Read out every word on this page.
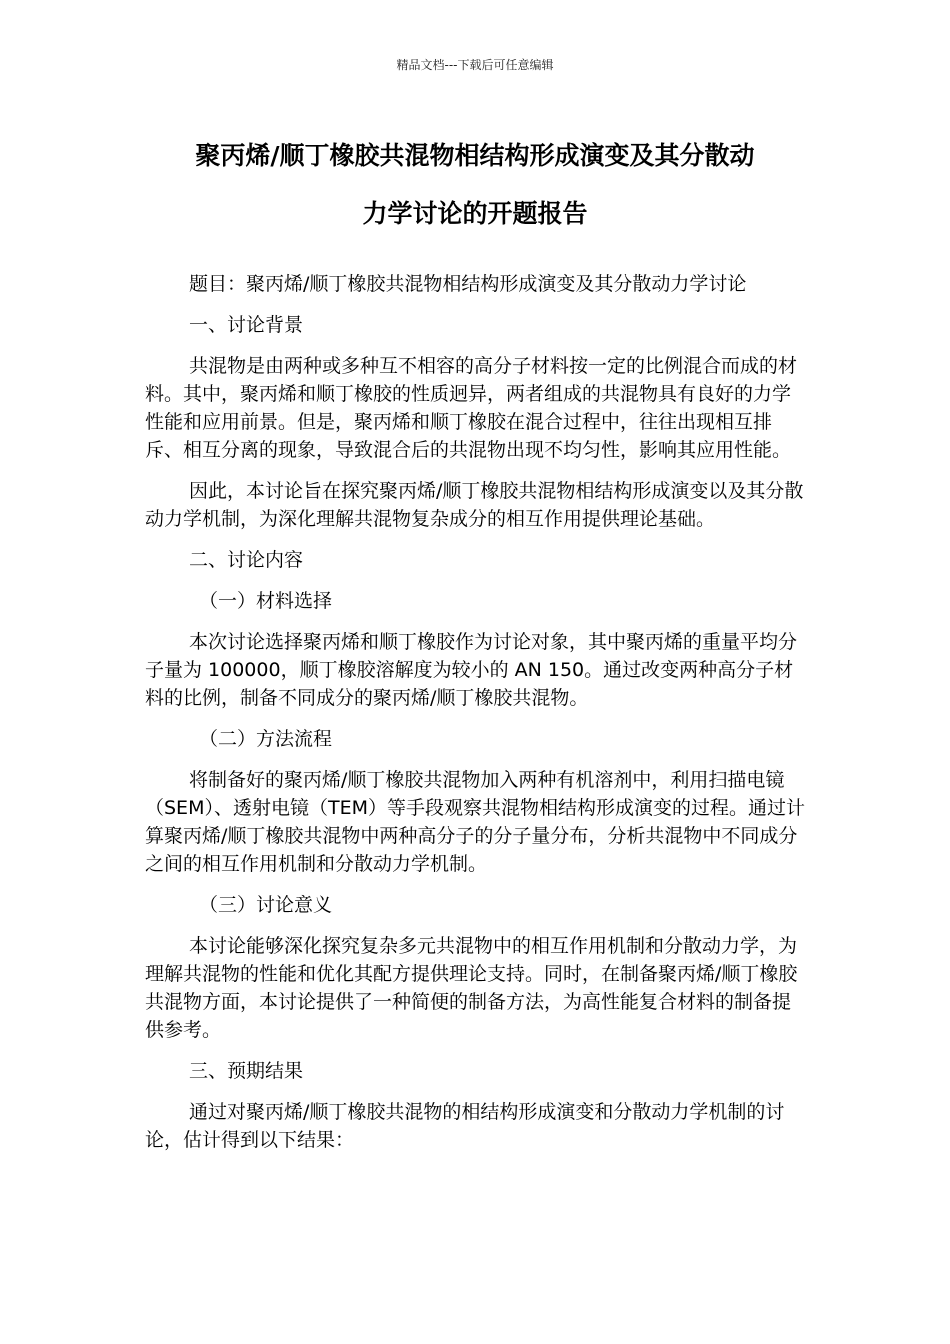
精品文档---下载后可任意编辑
聚丙烯/顺丁橡胶共混物相结构形成演变及其分散动
力学讨论的开题报告

题目：聚丙烯/顺丁橡胶共混物相结构形成演变及其分散动力学讨论

一、讨论背景

共混物是由两种或多种互不相容的高分子材料按一定的比例混合而成的材料。其中，聚丙烯和顺丁橡胶的性质迥异，两者组成的共混物具有良好的力学性能和应用前景。但是，聚丙烯和顺丁橡胶在混合过程中，往往出现相互排斥、相互分离的现象，导致混合后的共混物出现不均匀性，影响其应用性能。

因此，本讨论旨在探究聚丙烯/顺丁橡胶共混物相结构形成演变以及其分散动力学机制，为深化理解共混物复杂成分的相互作用提供理论基础。

二、讨论内容

（一）材料选择

本次讨论选择聚丙烯和顺丁橡胶作为讨论对象，其中聚丙烯的重量平均分子量为 100000，顺丁橡胶溶解度为较小的 AN 150。通过改变两种高分子材料的比例，制备不同成分的聚丙烯/顺丁橡胶共混物。

（二）方法流程

将制备好的聚丙烯/顺丁橡胶共混物加入两种有机溶剂中，利用扫描电镜（SEM）、透射电镜（TEM）等手段观察共混物相结构形成演变的过程。通过计算聚丙烯/顺丁橡胶共混物中两种高分子的分子量分布，分析共混物中不同成分之间的相互作用机制和分散动力学机制。

（三）讨论意义

本讨论能够深化探究复杂多元共混物中的相互作用机制和分散动力学，为理解共混物的性能和优化其配方提供理论支持。同时，在制备聚丙烯/顺丁橡胶共混物方面，本讨论提供了一种简便的制备方法，为高性能复合材料的制备提供参考。

三、预期结果

通过对聚丙烯/顺丁橡胶共混物的相结构形成演变和分散动力学机制的讨论，估计得到以下结果：
